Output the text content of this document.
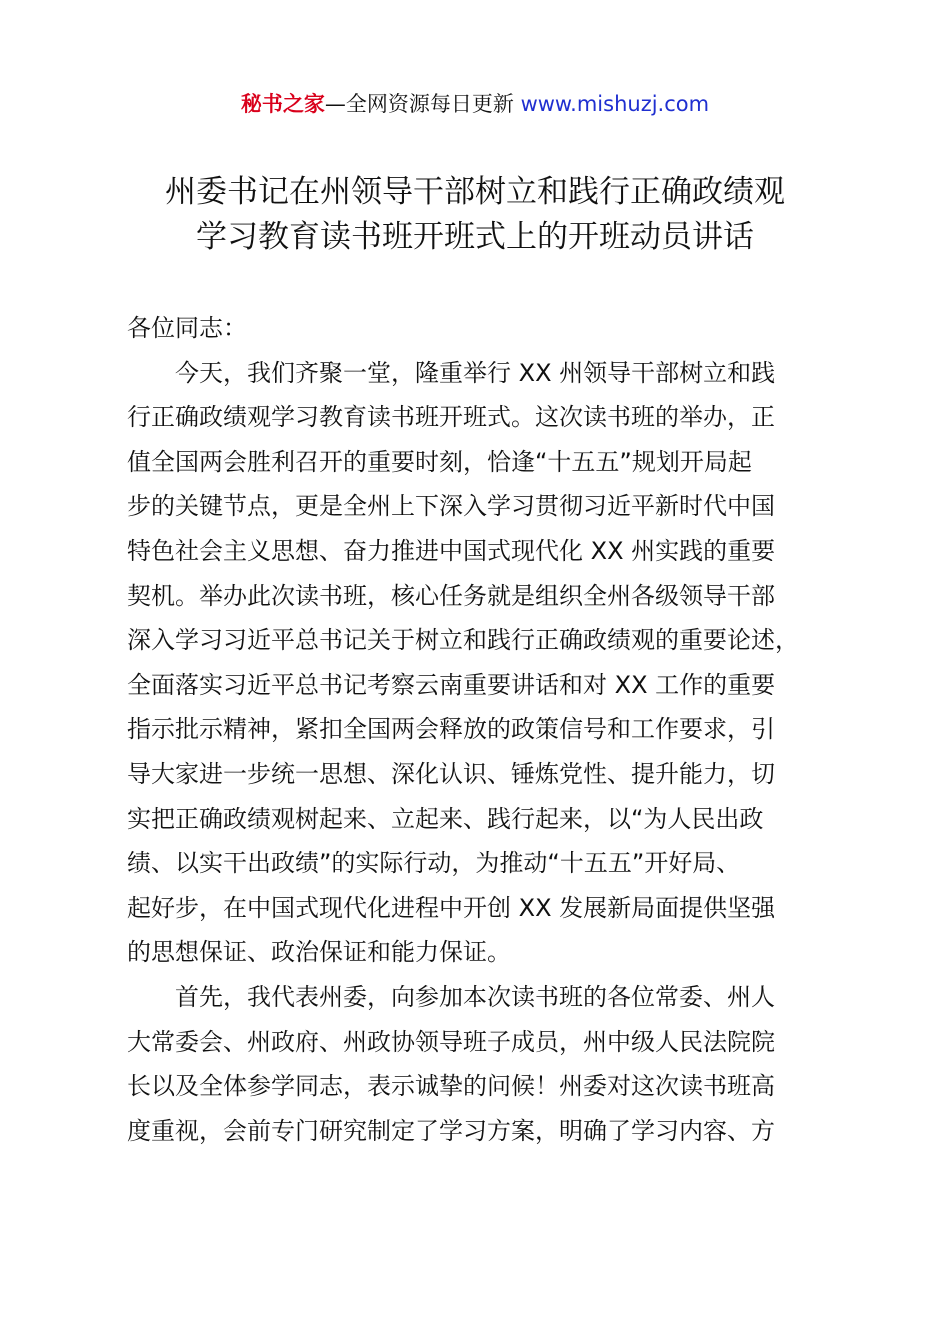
秘书之家—全网资源每日更新 www.mishuzj.com
州委书记在州领导干部树立和践行正确政绩观
学习教育读书班开班式上的开班动员讲话
各位同志：
今天，我们齐聚一堂，隆重举行 XX 州领导干部树立和践
行正确政绩观学习教育读书班开班式。这次读书班的举办，正
值全国两会胜利召开的重要时刻，恰逢“十五五”规划开局起
步的关键节点，更是全州上下深入学习贯彻习近平新时代中国
特色社会主义思想、奋力推进中国式现代化 XX 州实践的重要
契机。举办此次读书班，核心任务就是组织全州各级领导干部
深入学习习近平总书记关于树立和践行正确政绩观的重要论述，
全面落实习近平总书记考察云南重要讲话和对 XX 工作的重要
指示批示精神，紧扣全国两会释放的政策信号和工作要求，引
导大家进一步统一思想、深化认识、锤炼党性、提升能力，切
实把正确政绩观树起来、立起来、践行起来，以“为人民出政
绩、以实干出政绩”的实际行动，为推动“十五五”开好局、
起好步，在中国式现代化进程中开创 XX 发展新局面提供坚强
的思想保证、政治保证和能力保证。
首先，我代表州委，向参加本次读书班的各位常委、州人
大常委会、州政府、州政协领导班子成员，州中级人民法院院
长以及全体参学同志，表示诚挚的问候！州委对这次读书班高
度重视，会前专门研究制定了学习方案，明确了学习内容、方
